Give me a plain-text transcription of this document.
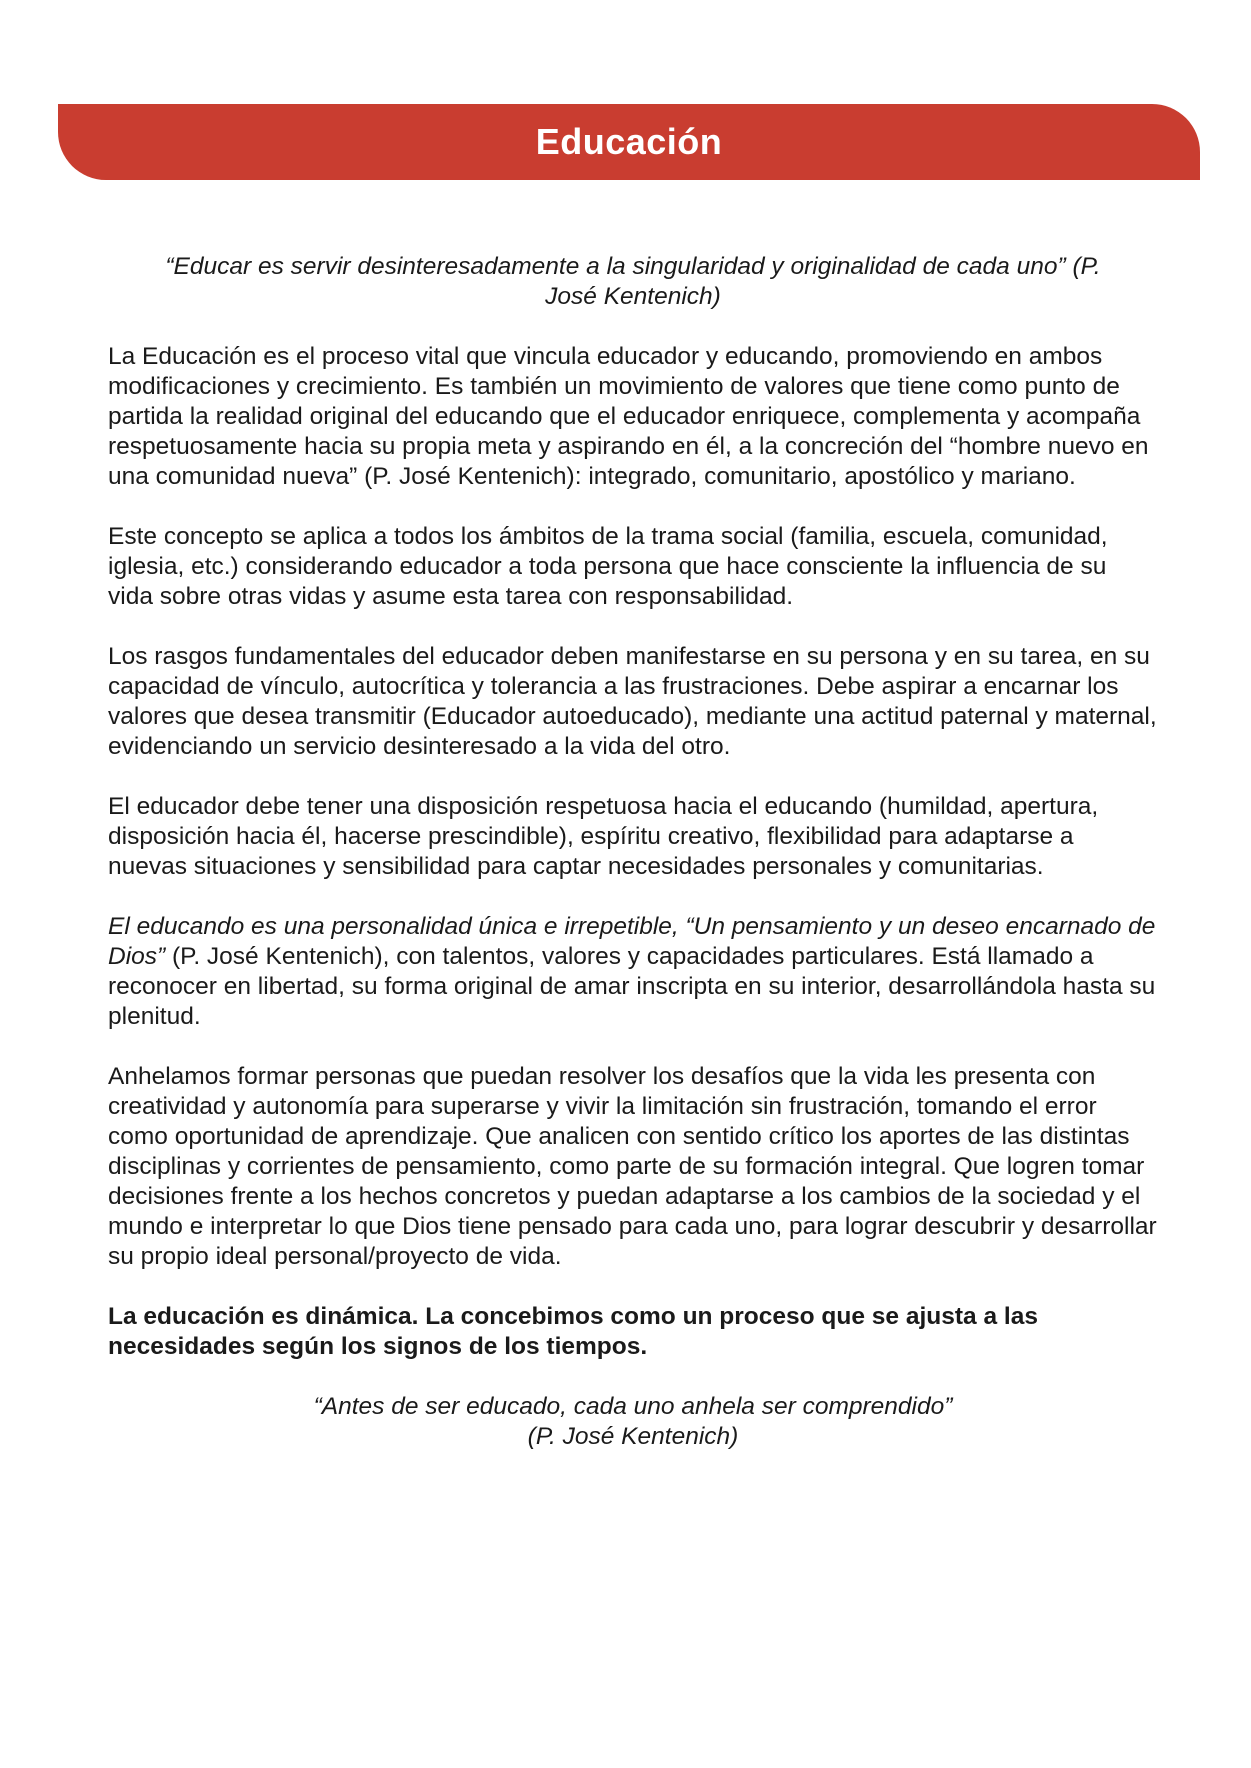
Educación

“Educar es servir desinteresadamente a la singularidad y originalidad de cada uno” (P. José Kentenich)

La Educación es el proceso vital que vincula educador y educando, promoviendo en ambos modificaciones y crecimiento. Es también un movimiento de valores que tiene como punto de partida la realidad original del educando que el educador enriquece, complementa y acompaña respetuosamente hacia su propia meta y aspirando en él, a la concreción del “hombre nuevo en una comunidad nueva” (P. José Kentenich): integrado, comunitario, apostólico y mariano.

Este concepto se aplica a todos los ámbitos de la trama social (familia, escuela, comunidad, iglesia, etc.) considerando educador a toda persona que hace consciente la influencia de su vida sobre otras vidas y asume esta tarea con responsabilidad.

Los rasgos fundamentales del educador deben manifestarse en su persona y en su tarea, en su capacidad de vínculo, autocrítica y tolerancia a las frustraciones. Debe aspirar a encarnar los valores que desea transmitir (Educador autoeducado), mediante una actitud paternal y maternal, evidenciando un servicio desinteresado a la vida del otro.

El educador debe tener una disposición respetuosa hacia el educando (humildad, apertura, disposición hacia él, hacerse prescindible), espíritu creativo, flexibilidad para adaptarse a nuevas situaciones y sensibilidad para captar necesidades personales y comunitarias.

El educando es una personalidad única e irrepetible, “Un pensamiento y un deseo encarnado de Dios” (P. José Kentenich), con talentos, valores y capacidades particulares. Está llamado a reconocer en libertad, su forma original de amar inscripta en su interior, desarrollándola hasta su plenitud.

Anhelamos formar personas que puedan resolver los desafíos que la vida les presenta con creatividad y autonomía para superarse y vivir la limitación sin frustración, tomando el error como oportunidad de aprendizaje. Que analicen con sentido crítico los aportes de las distintas disciplinas y corrientes de pensamiento, como parte de su formación integral. Que logren tomar decisiones frente a los hechos concretos y puedan adaptarse a los cambios de la sociedad y el mundo e interpretar lo que Dios tiene pensado para cada uno, para lograr descubrir y desarrollar su propio ideal personal/proyecto de vida.

La educación es dinámica. La concebimos como un proceso que se ajusta a las necesidades según los signos de los tiempos.

“Antes de ser educado, cada uno anhela ser comprendido”
(P. José Kentenich)
